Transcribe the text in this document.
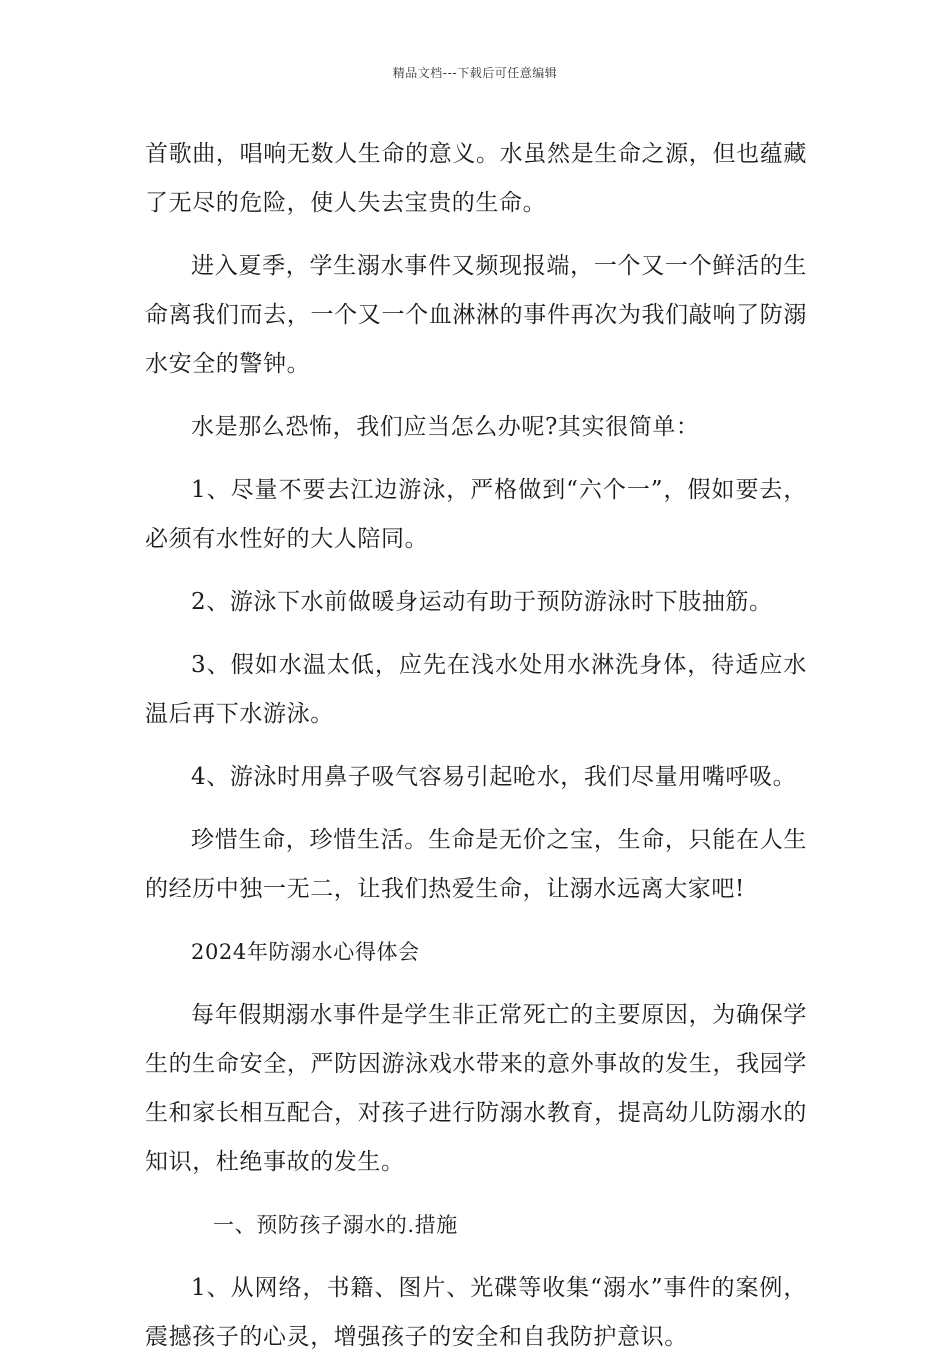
精品文档---下载后可任意编辑

首歌曲，唱响无数人生命的意义。水虽然是生命之源，但也蕴藏了无尽的危险，使人失去宝贵的生命。

进入夏季，学生溺水事件又频现报端，一个又一个鲜活的生命离我们而去，一个又一个血淋淋的事件再次为我们敲响了防溺水安全的警钟。

水是那么恐怖，我们应当怎么办呢?其实很简单：

1、尽量不要去江边游泳，严格做到“六个一”，假如要去，必须有水性好的大人陪同。

2、游泳下水前做暖身运动有助于预防游泳时下肢抽筋。

3、假如水温太低，应先在浅水处用水淋洗身体，待适应水温后再下水游泳。

4、游泳时用鼻子吸气容易引起呛水，我们尽量用嘴呼吸。

珍惜生命，珍惜生活。生命是无价之宝，生命，只能在人生的经历中独一无二，让我们热爱生命，让溺水远离大家吧!

2024年防溺水心得体会

每年假期溺水事件是学生非正常死亡的主要原因，为确保学生的生命安全，严防因游泳戏水带来的意外事故的发生，我园学生和家长相互配合，对孩子进行防溺水教育，提高幼儿防溺水的知识，杜绝事故的发生。

一、预防孩子溺水的.措施

1、从网络，书籍、图片、光碟等收集“溺水”事件的案例，震撼孩子的心灵，增强孩子的安全和自我防护意识。
